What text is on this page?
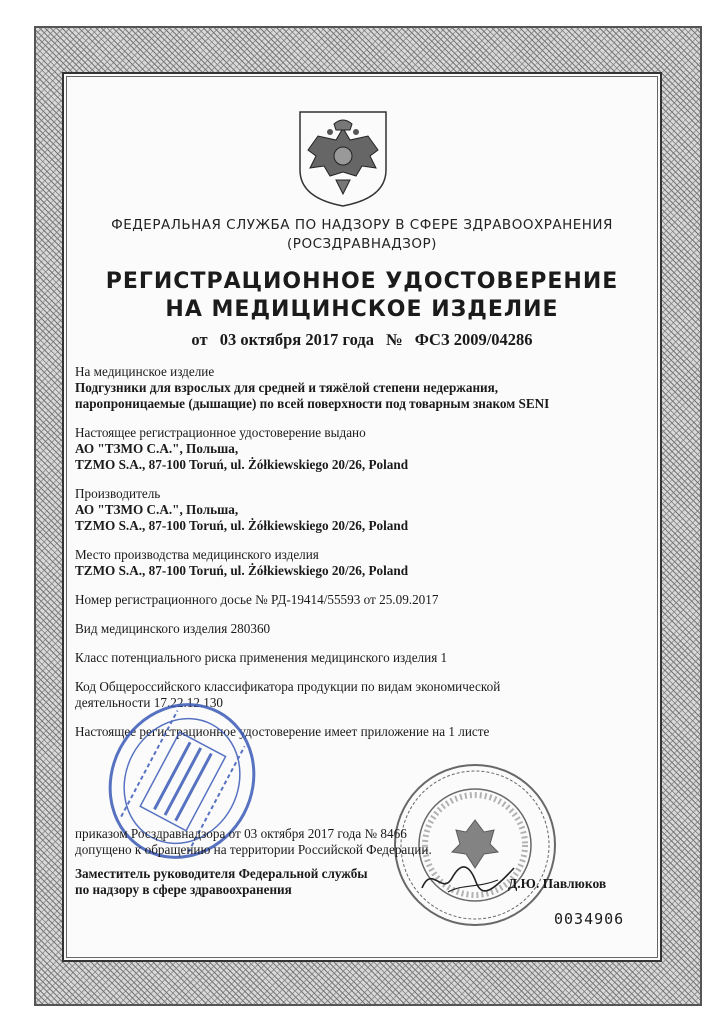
ФЕДЕРАЛЬНАЯ СЛУЖБА ПО НАДЗОРУ В СФЕРЕ ЗДРАВООХРАНЕНИЯ
(РОСЗДРАВНАДЗОР)
РЕГИСТРАЦИОННОЕ УДОСТОВЕРЕНИЕ
НА МЕДИЦИНСКОЕ ИЗДЕЛИЕ
от 03 октября 2017 года № ФСЗ 2009/04286

На медицинское изделие

Подгузники для взрослых для средней и тяжёлой степени недержания,

паропроницаемые (дышащие) по всей поверхности под товарным знаком SENI

Настоящее регистрационное удостоверение выдано

АО "ТЗМО С.А.", Польша,

TZMO S.A., 87-100 Toruń, ul. Żółkiewskiego 20/26, Poland

Производитель

АО "ТЗМО С.А.", Польша,

TZMO S.A., 87-100 Toruń, ul. Żółkiewskiego 20/26, Poland

Место производства медицинского изделия

TZMO S.A., 87-100 Toruń, ul. Żółkiewskiego 20/26, Poland

Номер регистрационного досье № РД-19414/55593 от 25.09.2017

Вид медицинского изделия 280360

Класс потенциального риска применения медицинского изделия 1

Код Общероссийского классификатора продукции по видам экономической

деятельности 17.22.12.130

Настоящее регистрационное удостоверение имеет приложение на 1 листе

приказом Росздравнадзора от 03 октября 2017 года № 8466

допущено к обращению на территории Российской Федерации.

Заместитель руководителя Федеральной службы
по надзору в сфере здравоохранения	Д.Ю. Павлюков
0034906
